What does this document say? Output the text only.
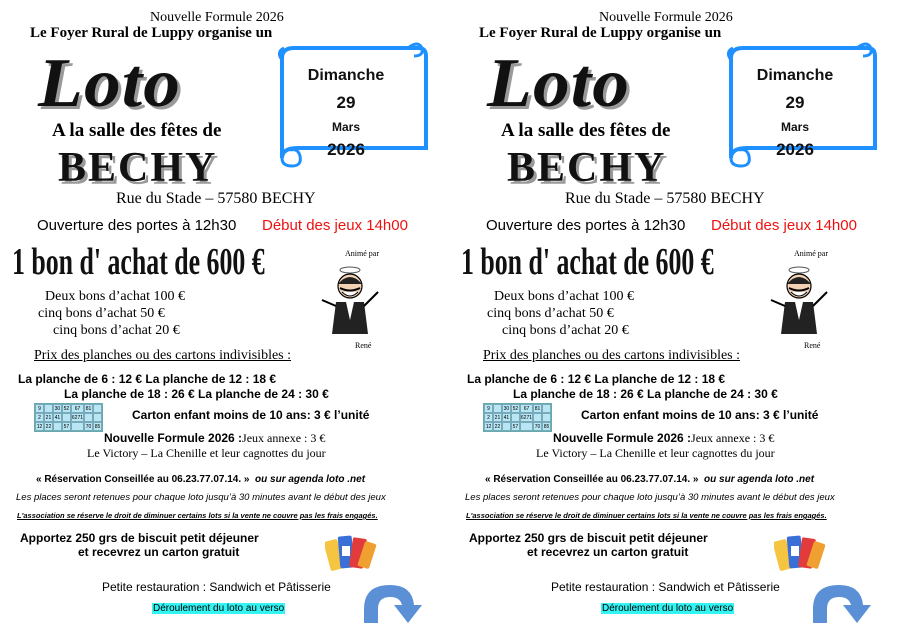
Nouvelle Formule 2026
Le Foyer Rural de Luppy organise un
Loto
A la salle des fêtes de
BECHY
Dimanche
29
Mars
2026
Rue du Stade – 57580 BECHY
Ouverture des portes à 12h30 Début des jeux 14h00
1 bon d' achat de 600 €	Animé par
René
Deux bons d’achat 100 €
cinq bons d’achat 50 €
cinq bons d’achat 20 €
Prix des planches ou des cartons indivisibles :
La planche de 6 : 12 € La planche de 12 : 18 €
La planche de 18 : 26 € La planche de 24 : 30 €
9	30 52	67	81
2 21 41	6271
12 22	57	70 85
Carton enfant moins de 10 ans: 3 € l’unité
Nouvelle Formule 2026 :Jeux annexe : 3 €
Le Victory – La Chenille et leur cagnottes du jour
« Réservation Conseillée au 06.23.77.07.14. » ou sur agenda loto .net
Les places seront retenues pour chaque loto jusqu’à 30 minutes avant le début des jeux
L'association se réserve le droit de diminuer certains lots si la vente ne couvre pas les frais engagés.
Apportez 250 grs de biscuit petit déjeuner
et recevrez un carton gratuit
Petite restauration : Sandwich et Pâtisserie
Déroulement du loto au verso
Nouvelle Formule 2026
Le Foyer Rural de Luppy organise un
Loto
A la salle des fêtes de
BECHY
Dimanche
29
Mars
2026
Rue du Stade – 57580 BECHY
Ouverture des portes à 12h30 Début des jeux 14h00
1 bon d' achat de 600 €	Animé par
René
Deux bons d’achat 100 €
cinq bons d’achat 50 €
cinq bons d’achat 20 €
Prix des planches ou des cartons indivisibles :
La planche de 6 : 12 € La planche de 12 : 18 €
La planche de 18 : 26 € La planche de 24 : 30 €
9	30 52	67	81
2 21 41	6271
12 22	57	70 85
Carton enfant moins de 10 ans: 3 € l’unité
Nouvelle Formule 2026 :Jeux annexe : 3 €
Le Victory – La Chenille et leur cagnottes du jour
« Réservation Conseillée au 06.23.77.07.14. » ou sur agenda loto .net
Les places seront retenues pour chaque loto jusqu’à 30 minutes avant le début des jeux
L'association se réserve le droit de diminuer certains lots si la vente ne couvre pas les frais engagés.
Apportez 250 grs de biscuit petit déjeuner
et recevrez un carton gratuit
Petite restauration : Sandwich et Pâtisserie
Déroulement du loto au verso
